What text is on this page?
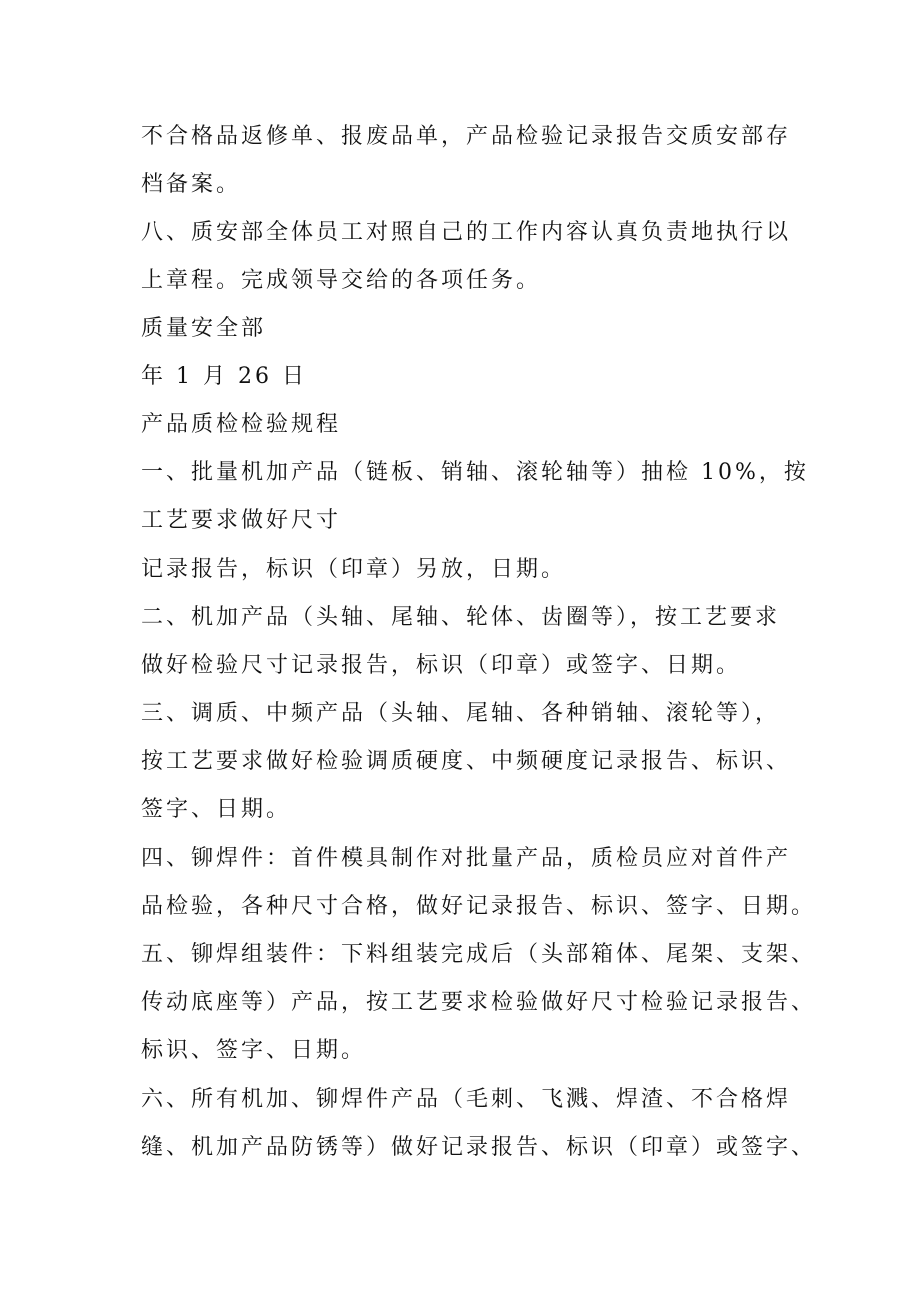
不合格品返修单、报废品单，产品检验记录报告交质安部存

档备案。

八、质安部全体员工对照自己的工作内容认真负责地执行以

上章程。完成领导交给的各项任务。

质量安全部

年 1 月 26 日

产品质检检验规程

一、批量机加产品（链板、销轴、滚轮轴等）抽检 10%，按

工艺要求做好尺寸

记录报告，标识（印章）另放，日期。

二、机加产品（头轴、尾轴、轮体、齿圈等），按工艺要求

做好检验尺寸记录报告，标识（印章）或签字、日期。

三、调质、中频产品（头轴、尾轴、各种销轴、滚轮等），

按工艺要求做好检验调质硬度、中频硬度记录报告、标识、

签字、日期。

四、铆焊件：首件模具制作对批量产品，质检员应对首件产

品检验，各种尺寸合格，做好记录报告、标识、签字、日期。

五、铆焊组装件：下料组装完成后（头部箱体、尾架、支架、

传动底座等）产品，按工艺要求检验做好尺寸检验记录报告、

标识、签字、日期。

六、所有机加、铆焊件产品（毛刺、飞溅、焊渣、不合格焊

缝、机加产品防锈等）做好记录报告、标识（印章）或签字、
